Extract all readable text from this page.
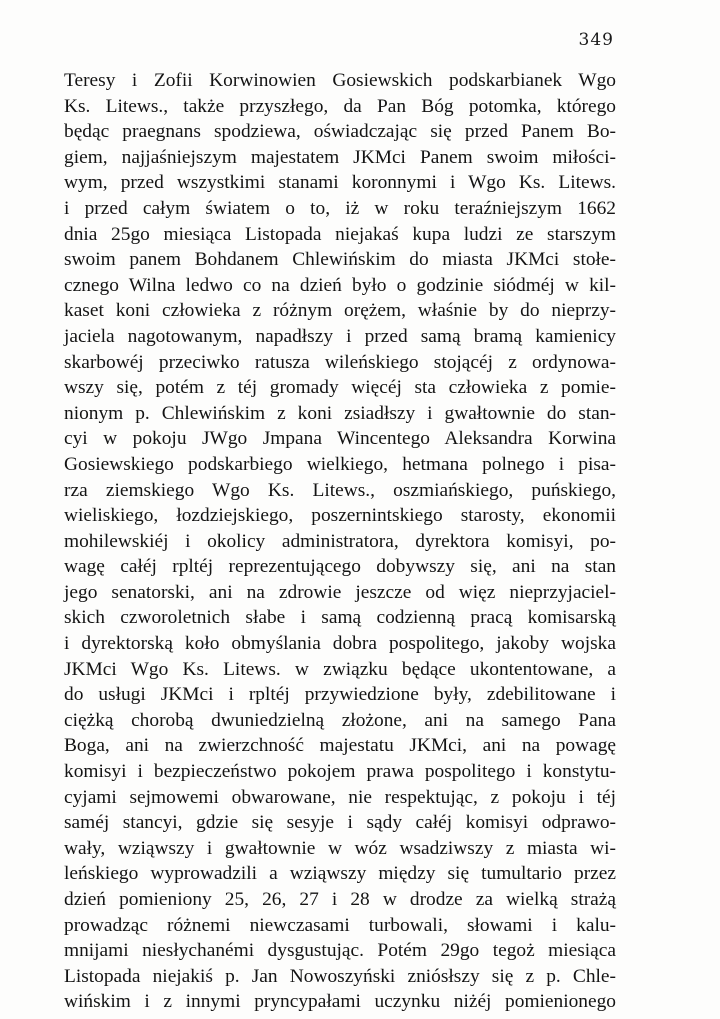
349
Teresy i Zofii Korwinowien Gosiewskich podskarbianek Wgo
Ks. Litews., także przyszłego, da Pan Bóg potomka, którego
będąc praegnans spodziewa, oświadczając się przed Panem Bo-
giem, najjaśniejszym majestatem JKMci Panem swoim miłości-
wym, przed wszystkimi stanami koronnymi i Wgo Ks. Litews.
i przed całym światem o to, iż w roku teraźniejszym 1662
dnia 25go miesiąca Listopada niejakaś kupa ludzi ze starszym
swoim panem Bohdanem Chlewińskim do miasta JKMci stołe-
cznego Wilna ledwo co na dzień było o godzinie siódméj w kil-
kaset koni człowieka z różnym orężem, właśnie by do nieprzy-
jaciela nagotowanym, napadłszy i przed samą bramą kamienicy
skarbowéj przeciwko ratusza wileńskiego stojącéj z ordynowa-
wszy się, potém z téj gromady więcéj sta człowieka z pomie-
nionym p. Chlewińskim z koni zsiadłszy i gwałtownie do stan-
cyi w pokoju JWgo Jmpana Wincentego Aleksandra Korwina
Gosiewskiego podskarbiego wielkiego, hetmana polnego i pisa-
rza ziemskiego Wgo Ks. Litews., oszmiańskiego, puńskiego,
wieliskiego, łozdziejskiego, poszernintskiego starosty, ekonomii
mohilewskiéj i okolicy administratora, dyrektora komisyi, po-
wagę całéj rpltéj reprezentującego dobywszy się, ani na stan
jego senatorski, ani na zdrowie jeszcze od więz nieprzyjaciel-
skich czworoletnich słabe i samą codzienną pracą komisarską
i dyrektorską koło obmyślania dobra pospolitego, jakoby wojska
JKMci Wgo Ks. Litews. w związku będące ukontentowane, a
do usługi JKMci i rpltéj przywiedzione były, zdebilitowane i
ciężką chorobą dwuniedzielną złożone, ani na samego Pana
Boga, ani na zwierzchność majestatu JKMci, ani na powagę
komisyi i bezpieczeństwo pokojem prawa pospolitego i konstytu-
cyjami sejmowemi obwarowane, nie respektując, z pokoju i téj
saméj stancyi, gdzie się sesyje i sądy całéj komisyi odprawo-
wały, wziąwszy i gwałtownie w wóz wsadziwszy z miasta wi-
leńskiego wyprowadzili a wziąwszy między się tumultario przez
dzień pomieniony 25, 26, 27 i 28 w drodze za wielką strażą
prowadząc różnemi niewczasami turbowali, słowami i kalu-
mnijami niesłychanémi dysgustując. Potém 29go tegoż miesiąca
Listopada niejakiś p. Jan Nowoszyński zniósłszy się z p. Chle-
wińskim i z innymi pryncypałami uczynku niżéj pomienionego
